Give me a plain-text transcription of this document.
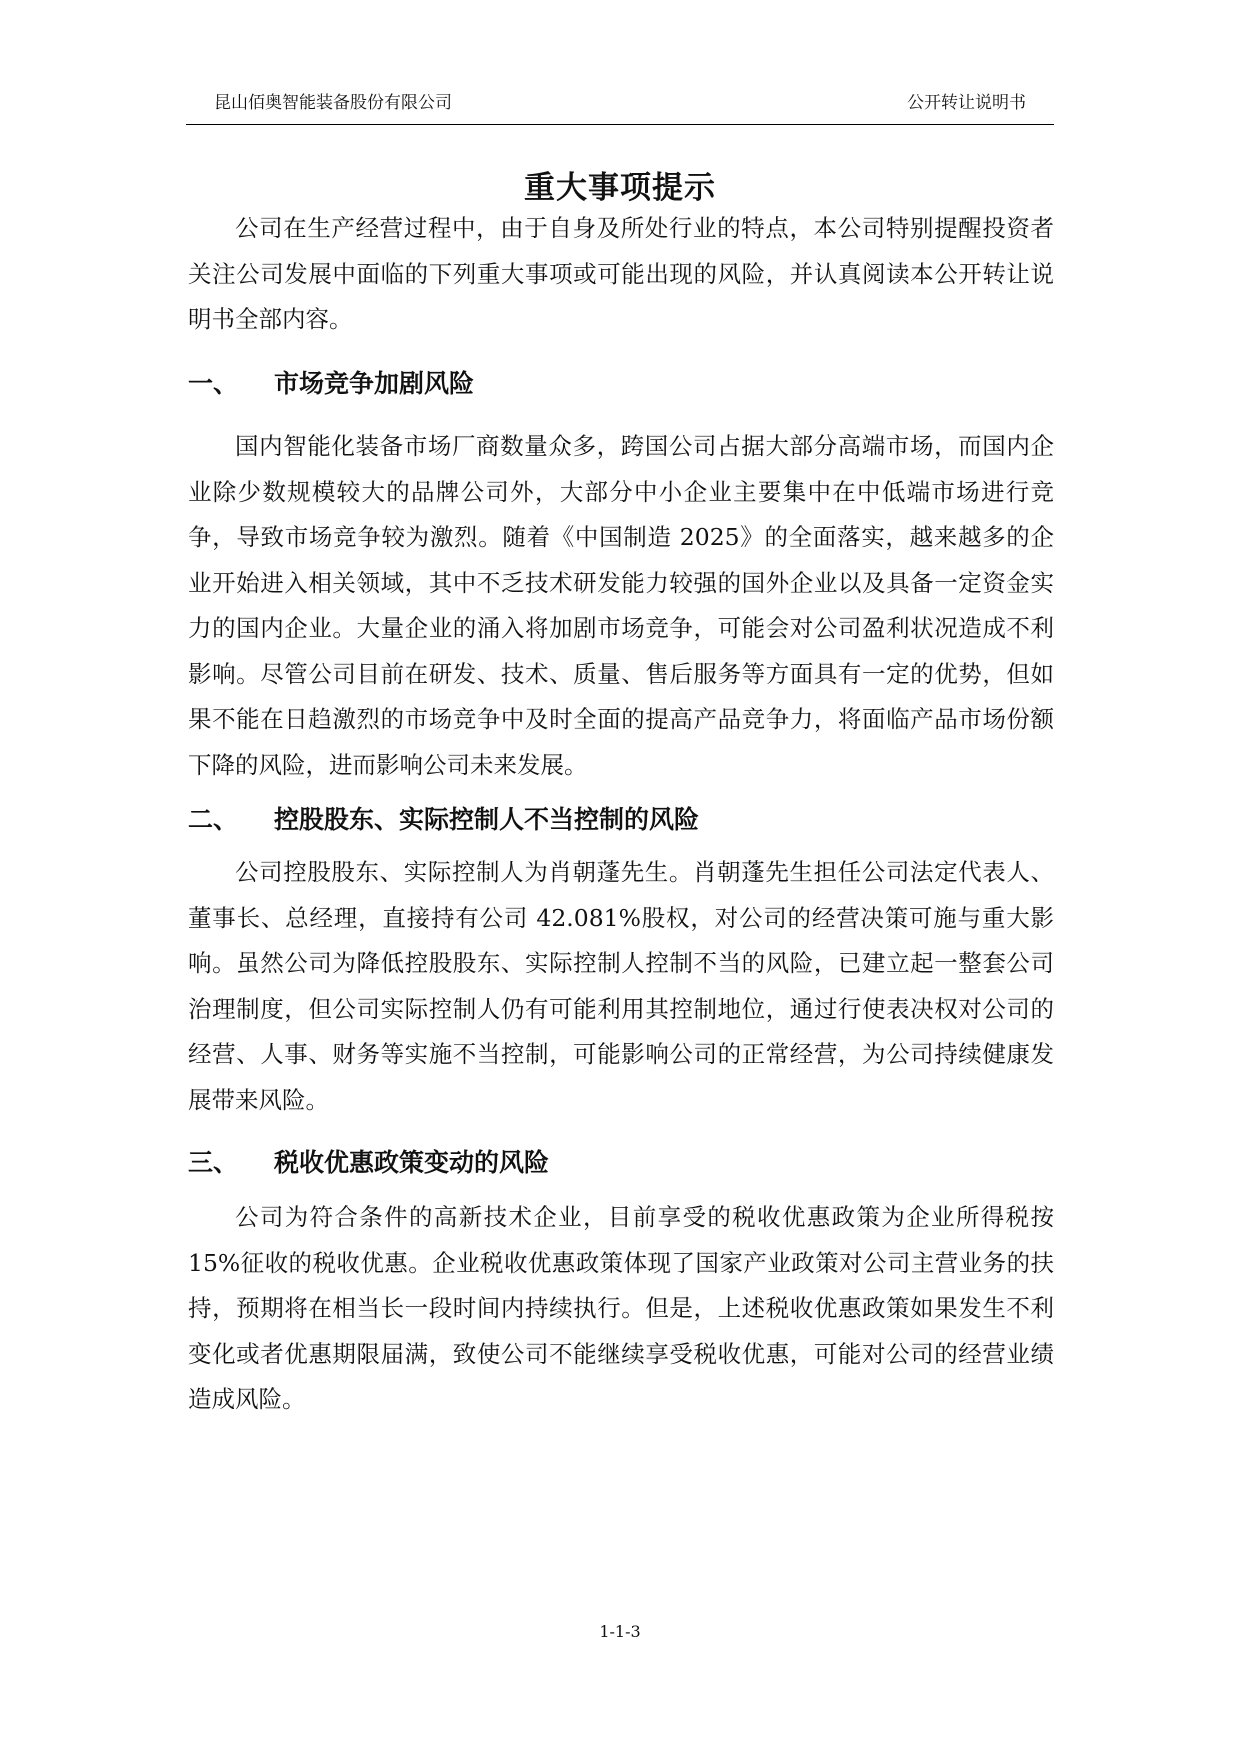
昆山佰奥智能装备股份有限公司	公开转让说明书
重大事项提示

公司在生产经营过程中，由于自身及所处行业的特点，本公司特别提醒投资者关注公司发展中面临的下列重大事项或可能出现的风险，并认真阅读本公开转让说明书全部内容。

一、 市场竞争加剧风险

国内智能化装备市场厂商数量众多，跨国公司占据大部分高端市场，而国内企业除少数规模较大的品牌公司外，大部分中小企业主要集中在中低端市场进行竞争，导致市场竞争较为激烈。随着《中国制造 2025》的全面落实，越来越多的企业开始进入相关领域，其中不乏技术研发能力较强的国外企业以及具备一定资金实力的国内企业。大量企业的涌入将加剧市场竞争，可能会对公司盈利状况造成不利影响。尽管公司目前在研发、技术、质量、售后服务等方面具有一定的优势，但如果不能在日趋激烈的市场竞争中及时全面的提高产品竞争力，将面临产品市场份额下降的风险，进而影响公司未来发展。

二、 控股股东、实际控制人不当控制的风险

公司控股股东、实际控制人为肖朝蓬先生。肖朝蓬先生担任公司法定代表人、董事长、总经理，直接持有公司 42.081%股权，对公司的经营决策可施与重大影响。虽然公司为降低控股股东、实际控制人控制不当的风险，已建立起一整套公司治理制度，但公司实际控制人仍有可能利用其控制地位，通过行使表决权对公司的经营、人事、财务等实施不当控制，可能影响公司的正常经营，为公司持续健康发展带来风险。

三、 税收优惠政策变动的风险

公司为符合条件的高新技术企业，目前享受的税收优惠政策为企业所得税按 15%征收的税收优惠。企业税收优惠政策体现了国家产业政策对公司主营业务的扶持，预期将在相当长一段时间内持续执行。但是，上述税收优惠政策如果发生不利变化或者优惠期限届满，致使公司不能继续享受税收优惠，可能对公司的经营业绩造成风险。

1-1-3
